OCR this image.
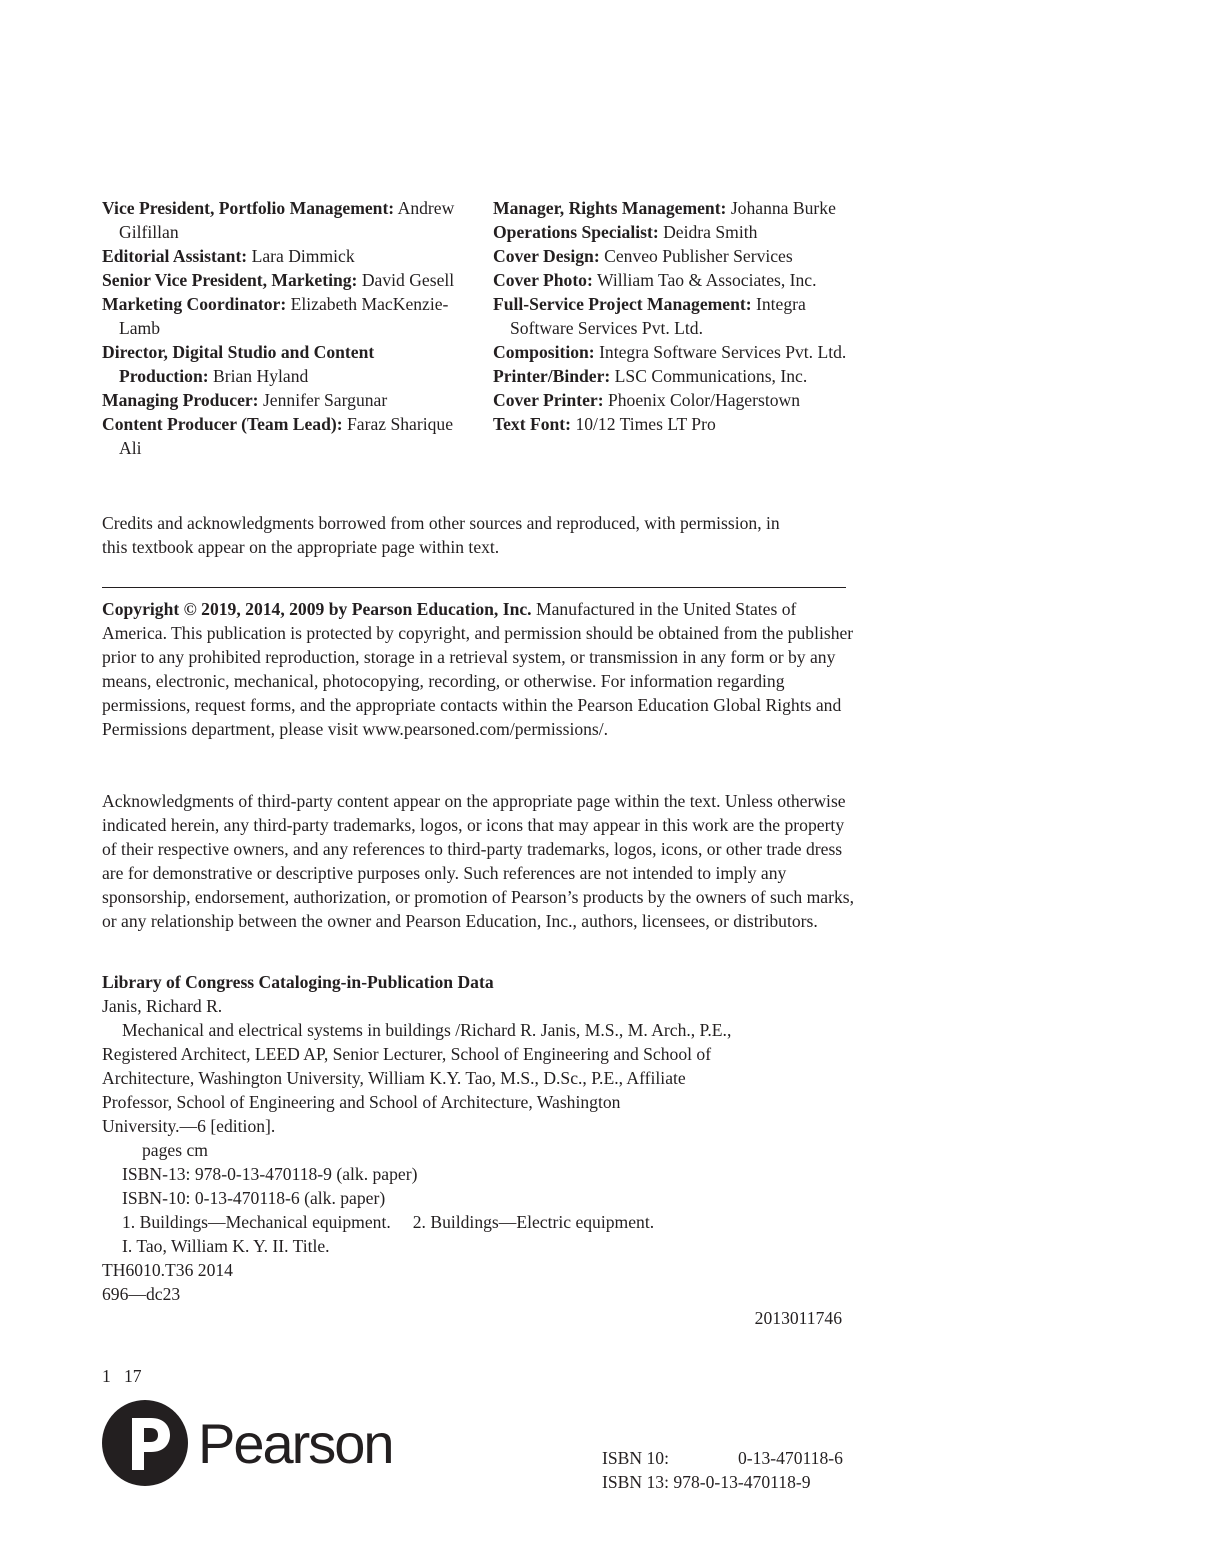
Vice President, Portfolio Management: Andrew Gilfillan

Editorial Assistant: Lara Dimmick

Senior Vice President, Marketing: David Gesell

Marketing Coordinator: Elizabeth MacKenzie-Lamb

Director, Digital Studio and Content Production: Brian Hyland

Managing Producer: Jennifer Sargunar

Content Producer (Team Lead): Faraz Sharique Ali

Manager, Rights Management: Johanna Burke

Operations Specialist: Deidra Smith

Cover Design: Cenveo Publisher Services

Cover Photo: William Tao & Associates, Inc.

Full-Service Project Management: Integra Software Services Pvt. Ltd.

Composition: Integra Software Services Pvt. Ltd.

Printer/Binder: LSC Communications, Inc.

Cover Printer: Phoenix Color/Hagerstown

Text Font: 10/12 Times LT Pro

Credits and acknowledgments borrowed from other sources and reproduced, with permission, in this textbook appear on the appropriate page within text.

Copyright © 2019, 2014, 2009 by Pearson Education, Inc. Manufactured in the United States of America. This publication is protected by copyright, and permission should be obtained from the publisher prior to any prohibited reproduction, storage in a retrieval system, or transmission in any form or by any means, electronic, mechanical, photocopying, recording, or otherwise. For information regarding permissions, request forms, and the appropriate contacts within the Pearson Education Global Rights and Permissions department, please visit www.pearsoned.com/permissions/.

Acknowledgments of third-party content appear on the appropriate page within the text. Unless otherwise indicated herein, any third-party trademarks, logos, or icons that may appear in this work are the property of their respective owners, and any references to third-party trademarks, logos, icons, or other trade dress are for demonstrative or descriptive purposes only. Such references are not intended to imply any sponsorship, endorsement, authorization, or promotion of Pearson’s products by the owners of such marks, or any relationship between the owner and Pearson Education, Inc., authors, licensees, or distributors.

Library of Congress Cataloging-in-Publication Data
Janis, Richard R.
Mechanical and electrical systems in buildings /Richard R. Janis, M.S., M. Arch., P.E.,
Registered Architect, LEED AP, Senior Lecturer, School of Engineering and School of
Architecture, Washington University, William K.Y. Tao, M.S., D.Sc., P.E., Affiliate
Professor, School of Engineering and School of Architecture, Washington
University.—6 [edition].
pages cm
ISBN-13: 978-0-13-470118-9 (alk. paper)
ISBN-10: 0-13-470118-6 (alk. paper)
1. Buildings—Mechanical equipment.     2. Buildings—Electric equipment.
I. Tao, William K. Y. II. Title.
TH6010.T36 2014
696—dc23
2013011746
1   17
Pearson	ISBN 10:	0-13-470118-6
ISBN 13: 978-0-13-470118-9
